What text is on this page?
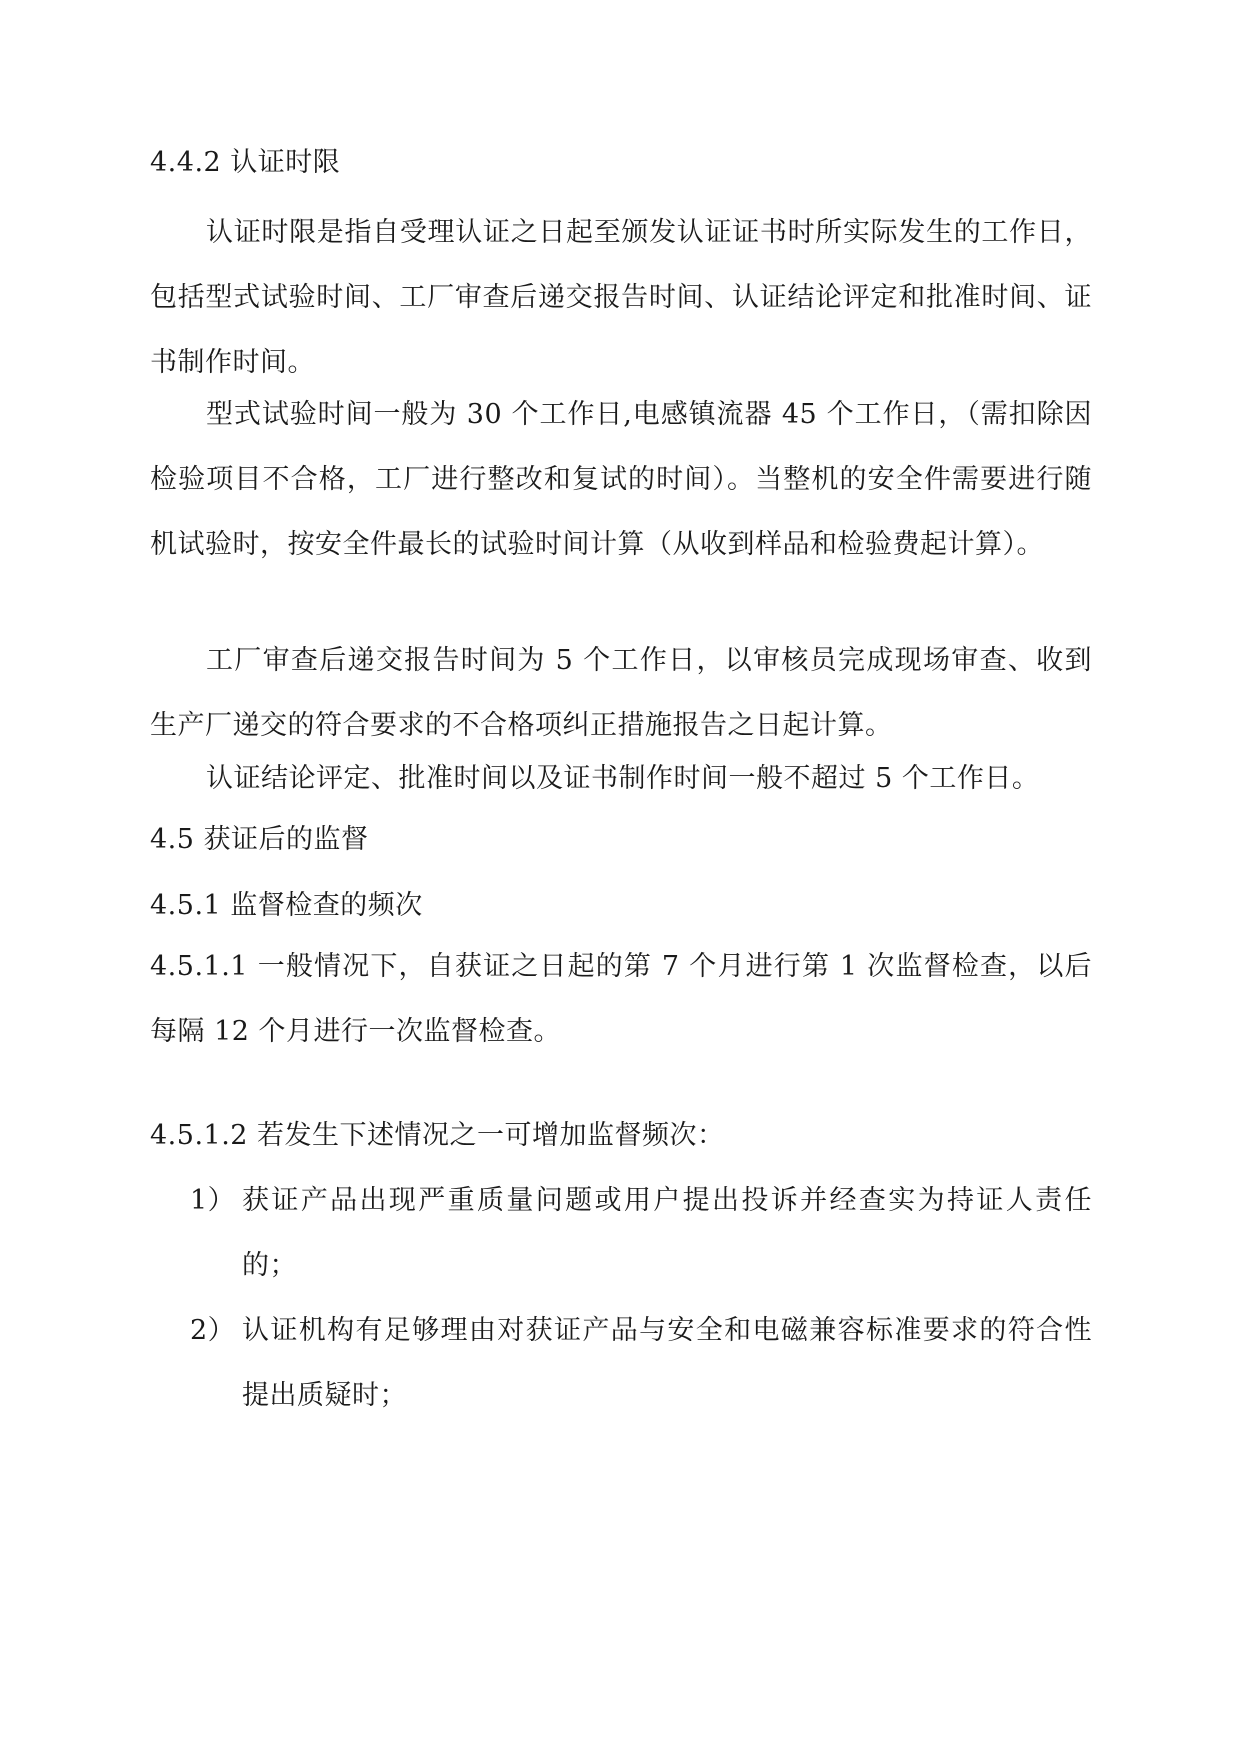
4.4.2 认证时限

认证时限是指自受理认证之日起至颁发认证证书时所实际发生的工作日，包括型式试验时间、工厂审查后递交报告时间、认证结论评定和批准时间、证书制作时间。

型式试验时间一般为 30 个工作日,电感镇流器 45 个工作日，（需扣除因检验项目不合格，工厂进行整改和复试的时间）。当整机的安全件需要进行随机试验时，按安全件最长的试验时间计算（从收到样品和检验费起计算）。

工厂审查后递交报告时间为 5 个工作日，以审核员完成现场审查、收到生产厂递交的符合要求的不合格项纠正措施报告之日起计算。

认证结论评定、批准时间以及证书制作时间一般不超过 5 个工作日。

4.5 获证后的监督

4.5.1 监督检查的频次

4.5.1.1 一般情况下，自获证之日起的第 7 个月进行第 1 次监督检查，以后每隔 12 个月进行一次监督检查。

4.5.1.2 若发生下述情况之一可增加监督频次：

1） 获证产品出现严重质量问题或用户提出投诉并经查实为持证人责任的；
2） 认证机构有足够理由对获证产品与安全和电磁兼容标准要求的符合性提出质疑时；
